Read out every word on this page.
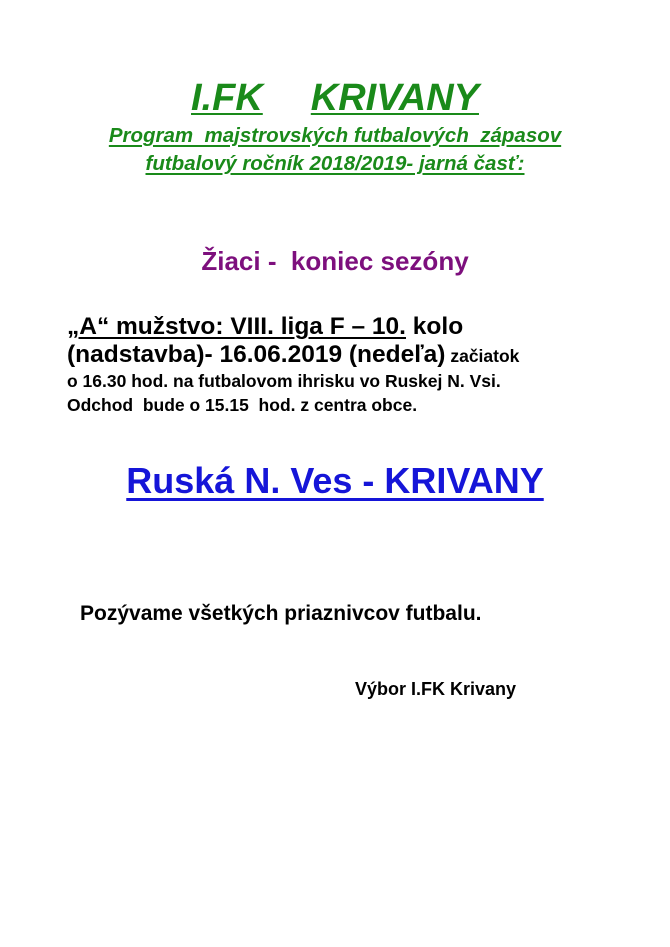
I.FK KRIVANY
Program  majstrovských futbalových  zápasov
futbalový ročník 2018/2019- jarná časť:
Žiaci -  koniec sezóny
„A“ mužstvo: VIII. liga F – 10. kolo
(nadstavba)- 16.06.2019 (nedeľa) začiatok
o 16.30 hod. na futbalovom ihrisku vo Ruskej N. Vsi.
Odchod  bude o 15.15  hod. z centra obce.
Ruská N. Ves - KRIVANY
Pozývame všetkých priaznivcov futbalu.
Výbor I.FK Krivany
